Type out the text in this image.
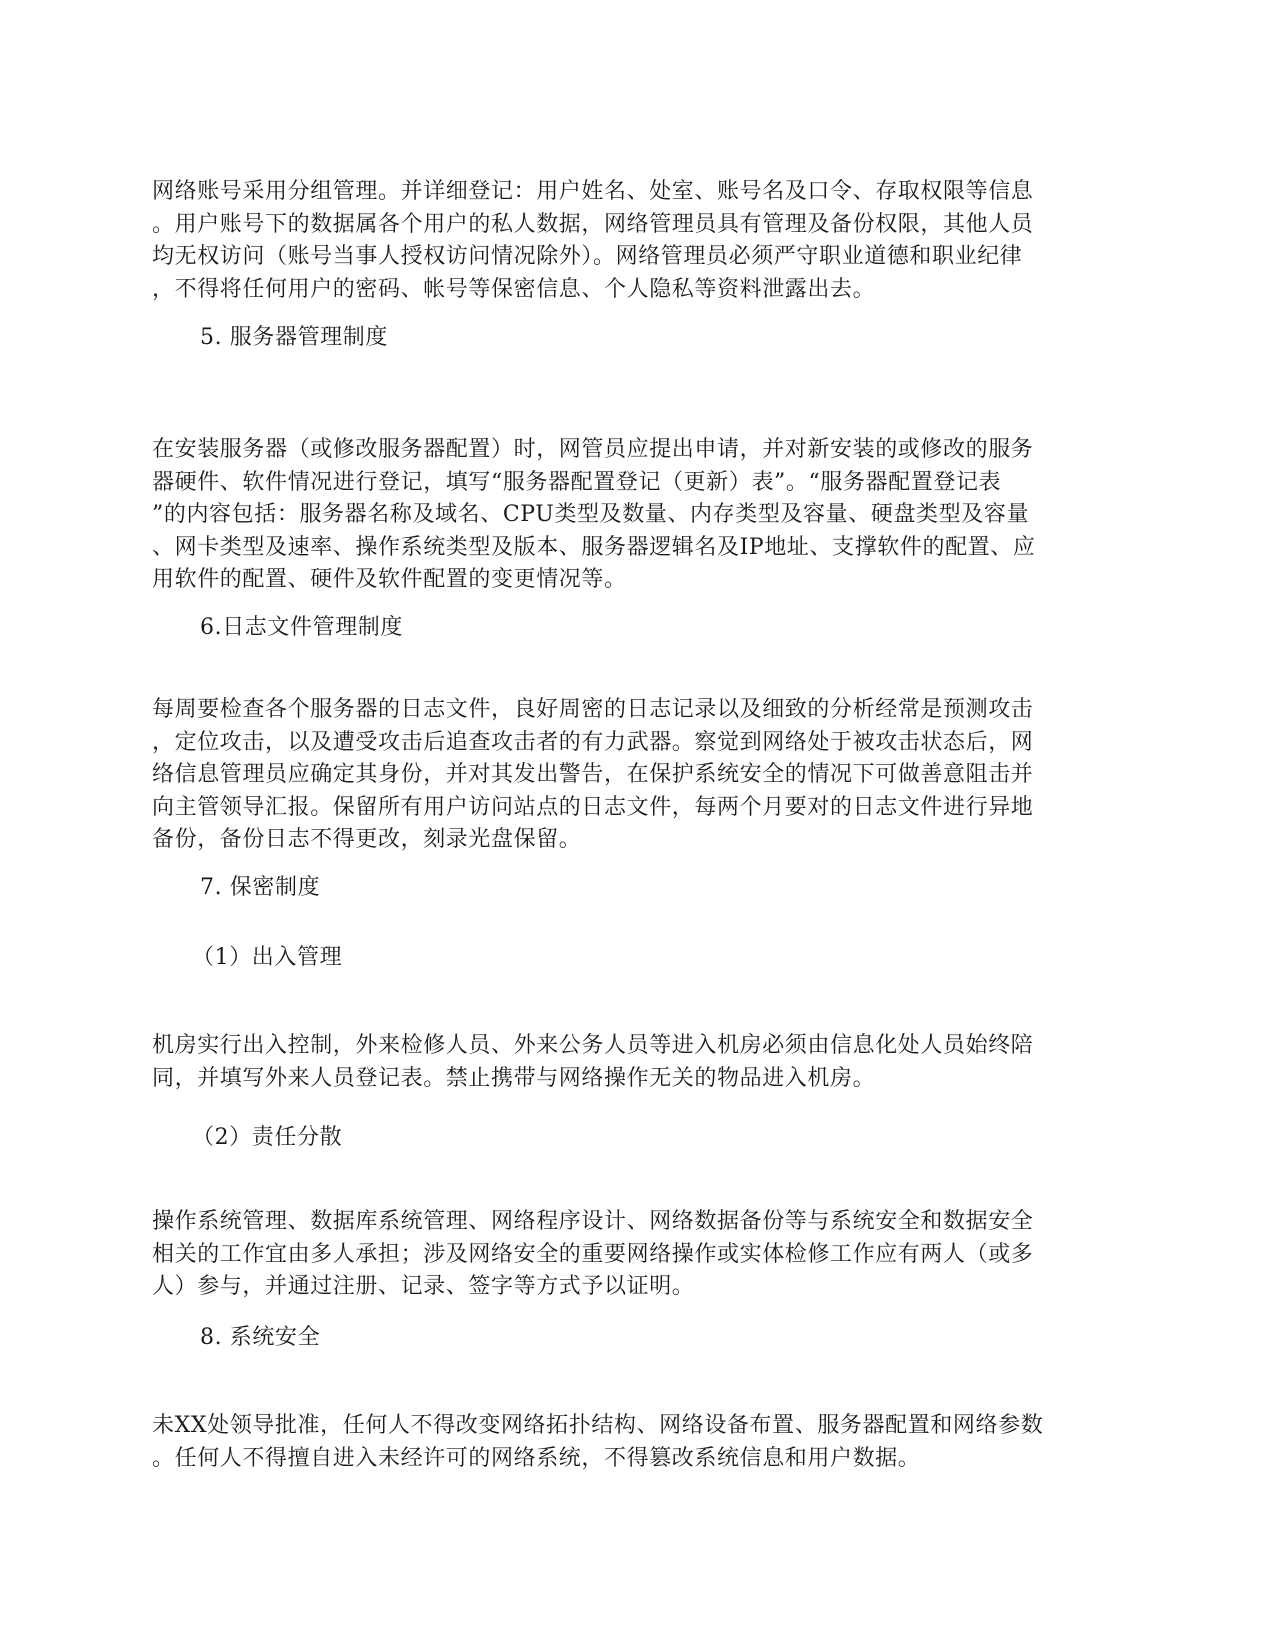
网络账号采用分组管理。并详细登记：用户姓名、处室、账号名及口令、存取权限等信息
。用户账号下的数据属各个用户的私人数据，网络管理员具有管理及备份权限，其他人员
均无权访问（账号当事人授权访问情况除外）。网络管理员必须严守职业道德和职业纪律
，不得将任何用户的密码、帐号等保密信息、个人隐私等资料泄露出去。
5. 服务器管理制度
在安装服务器（或修改服务器配置）时，网管员应提出申请，并对新安装的或修改的服务
器硬件、软件情况进行登记，填写“服务器配置登记（更新）表”。“服务器配置登记表
”的内容包括：服务器名称及域名、CPU类型及数量、内存类型及容量、硬盘类型及容量
、网卡类型及速率、操作系统类型及版本、服务器逻辑名及IP地址、支撑软件的配置、应
用软件的配置、硬件及软件配置的变更情况等。
6.日志文件管理制度
每周要检查各个服务器的日志文件，良好周密的日志记录以及细致的分析经常是预测攻击
，定位攻击，以及遭受攻击后追查攻击者的有力武器。察觉到网络处于被攻击状态后，网
络信息管理员应确定其身份，并对其发出警告，在保护系统安全的情况下可做善意阻击并
向主管领导汇报。保留所有用户访问站点的日志文件，每两个月要对的日志文件进行异地
备份，备份日志不得更改，刻录光盘保留。
7. 保密制度
（1）出入管理
机房实行出入控制，外来检修人员、外来公务人员等进入机房必须由信息化处人员始终陪
同，并填写外来人员登记表。禁止携带与网络操作无关的物品进入机房。
（2）责任分散
操作系统管理、数据库系统管理、网络程序设计、网络数据备份等与系统安全和数据安全
相关的工作宜由多人承担；涉及网络安全的重要网络操作或实体检修工作应有两人（或多
人）参与，并通过注册、记录、签字等方式予以证明。
8. 系统安全
未XX处领导批准，任何人不得改变网络拓扑结构、网络设备布置、服务器配置和网络参数
。任何人不得擅自进入未经许可的网络系统，不得篡改系统信息和用户数据。
